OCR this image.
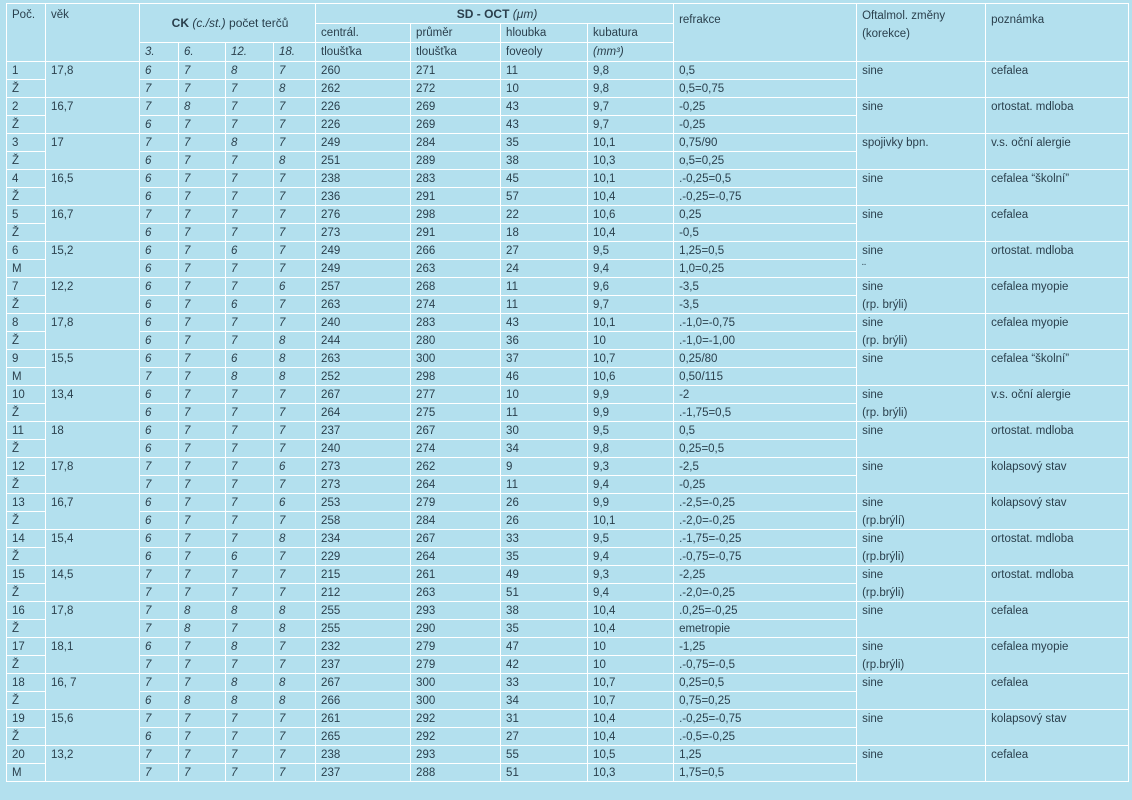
Poč.	věk	CK (c./st.) počet terčů				SD - OCT (μm)				refrakce	Oftalmol. změny
(korekce)	poznámka
						centrál.	průměr	hloubka	kubatura			
		3.	6.	12.	18.	tloušťka	tloušťka	foveoly	(mm³)			
1	17,8	6	7	8	7	260	271	11	9,8	0,5	sine	cefalea
Ž		7	7	7	8	262	272	10	9,8	0,5=0,75		
2	16,7	7	8	7	7	226	269	43	9,7	-0,25	sine	ortostat. mdloba
Ž		6	7	7	7	226	269	43	9,7	-0,25		
3	17	7	7	8	7	249	284	35	10,1	0,75/90	spojivky bpn.	v.s. oční alergie
Ž		6	7	7	8	251	289	38	10,3	o,5=0,25		
4	16,5	6	7	7	7	238	283	45	10,1	.-0,25=0,5	sine	cefalea “školní”
Ž		6	7	7	7	236	291	57	10,4	.-0,25=-0,75		
5	16,7	7	7	7	7	276	298	22	10,6	0,25	sine	cefalea
Ž		6	7	7	7	273	291	18	10,4	-0,5		
6	15,2	6	7	6	7	249	266	27	9,5	1,25=0,5	sine	ortostat. mdloba
M		6	7	7	7	249	263	24	9,4	1,0=0,25	¨	
7	12,2	6	7	7	6	257	268	11	9,6	-3,5	sine	cefalea myopie
Ž		6	7	6	7	263	274	11	9,7	-3,5	(rp. brýli)	
8	17,8	6	7	7	7	240	283	43	10,1	.-1,0=-0,75	sine	cefalea myopie
Ž		6	7	7	8	244	280	36	10	.-1,0=-1,00	(rp. brýli)	
9	15,5	6	7	6	8	263	300	37	10,7	0,25/80	sine	cefalea “školní”
M		7	7	8	8	252	298	46	10,6	0,50/115		
10	13,4	6	7	7	7	267	277	10	9,9	-2	sine	v.s. oční alergie
Ž		6	7	7	7	264	275	11	9,9	.-1,75=0,5	(rp. brýli)	
11	18	6	7	7	7	237	267	30	9,5	0,5	sine	ortostat. mdloba
Ž		6	7	7	7	240	274	34	9,8	0,25=0,5		
12	17,8	7	7	7	6	273	262	9	9,3	-2,5	sine	kolapsový stav
Ž		7	7	7	7	273	264	11	9,4	-0,25		
13	16,7	6	7	7	6	253	279	26	9,9	.-2,5=-0,25	sine	kolapsový stav
Ž		6	7	7	7	258	284	26	10,1	.-2,0=-0,25	(rp.brýlí)	
14	15,4	6	7	7	8	234	267	33	9,5	.-1,75=-0,25	sine	ortostat. mdloba
Ž		6	7	6	7	229	264	35	9,4	.-0,75=-0,75	(rp.brýli)	
15	14,5	7	7	7	7	215	261	49	9,3	-2,25	sine	ortostat. mdloba
Ž		7	7	7	7	212	263	51	9,4	.-2,0=-0,25	(rp.brýli)	
16	17,8	7	8	8	8	255	293	38	10,4	.0,25=-0,25	sine	cefalea
Ž		7	8	7	8	255	290	35	10,4	emetropie		
17	18,1	6	7	8	7	232	279	47	10	-1,25	sine	cefalea myopie
Ž		7	7	7	7	237	279	42	10	.-0,75=-0,5	(rp.brýli)	
18	16, 7	7	7	8	8	267	300	33	10,7	0,25=0,5	sine	cefalea
Ž		6	8	8	8	266	300	34	10,7	0,75=0,25		
19	15,6	7	7	7	7	261	292	31	10,4	.-0,25=-0,75	sine	kolapsový stav
Ž		6	7	7	7	265	292	27	10,4	.-0,5=-0,25		
20	13,2	7	7	7	7	238	293	55	10,5	1,25	sine	cefalea
M		7	7	7	7	237	288	51	10,3	1,75=0,5		
